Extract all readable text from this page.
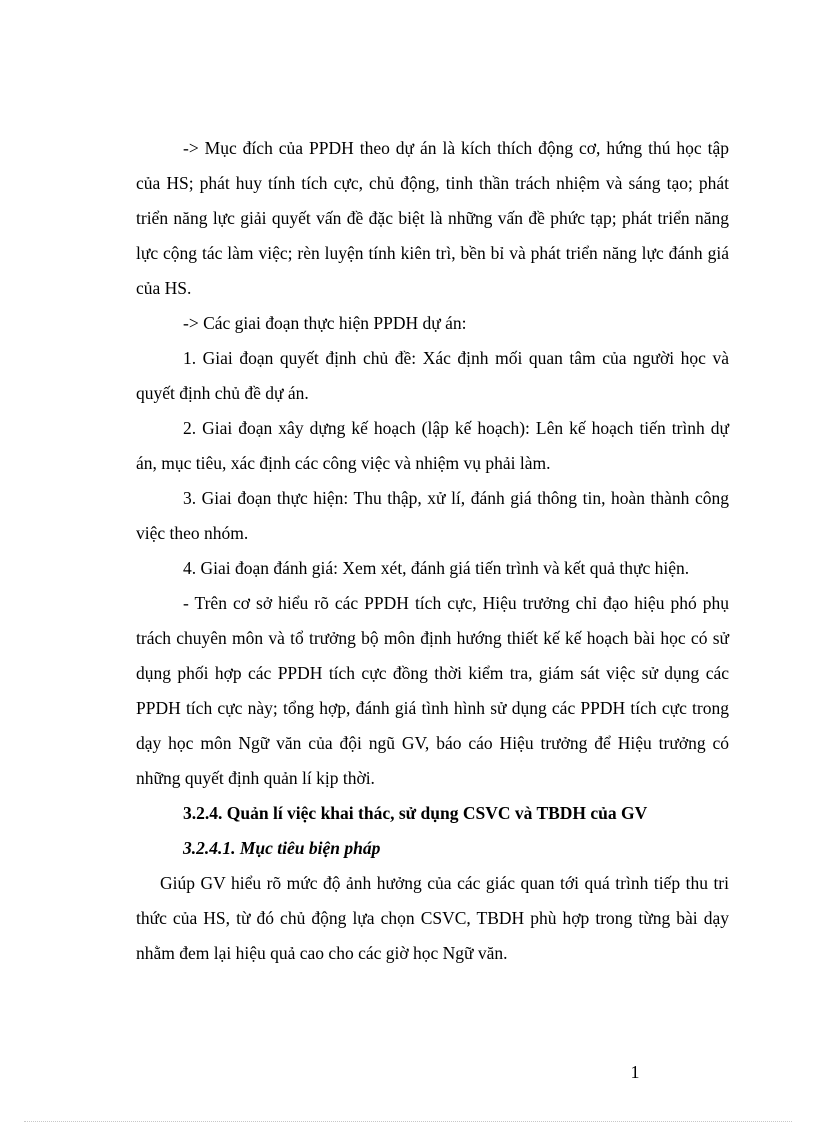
-> Mục đích của PPDH theo dự án là kích thích động cơ, hứng thú học tập của HS; phát huy tính tích cực, chủ động, tinh thần trách nhiệm và sáng tạo; phát triển năng lực giải quyết vấn đề đặc biệt là những vấn đề phức tạp; phát triển năng lực cộng tác làm việc; rèn luyện tính kiên trì, bền bỉ và phát triển năng lực đánh giá của HS.

-> Các giai đoạn thực hiện PPDH dự án:

1. Giai đoạn quyết định chủ đề: Xác định mối quan tâm của người học và quyết định chủ đề dự án.

2. Giai đoạn xây dựng kế hoạch (lập kế hoạch): Lên kế hoạch tiến trình dự án, mục tiêu, xác định các công việc và nhiệm vụ phải làm.

3. Giai đoạn thực hiện: Thu thập, xử lí, đánh giá thông tin, hoàn thành công việc theo nhóm.

4. Giai đoạn đánh giá: Xem xét, đánh giá tiến trình và kết quả thực hiện.

- Trên cơ sở hiểu rõ các PPDH tích cực, Hiệu trưởng chỉ đạo hiệu phó phụ trách chuyên môn và tổ trưởng bộ môn định hướng thiết kế kế hoạch bài học có sử dụng phối hợp các PPDH tích cực đồng thời kiểm tra, giám sát việc sử dụng các PPDH tích cực này; tổng hợp, đánh giá tình hình sử dụng các PPDH tích cực trong dạy học môn Ngữ văn của đội ngũ GV, báo cáo Hiệu trưởng để Hiệu trưởng có những quyết định quản lí kịp thời.

3.2.4. Quản lí việc khai thác, sử dụng CSVC và TBDH của GV

3.2.4.1. Mục tiêu biện pháp

Giúp GV hiểu rõ mức độ ảnh hưởng của các giác quan tới quá trình tiếp thu tri thức của HS, từ đó chủ động lựa chọn CSVC, TBDH phù hợp trong từng bài dạy nhằm đem lại hiệu quả cao cho các giờ học Ngữ văn.

1
